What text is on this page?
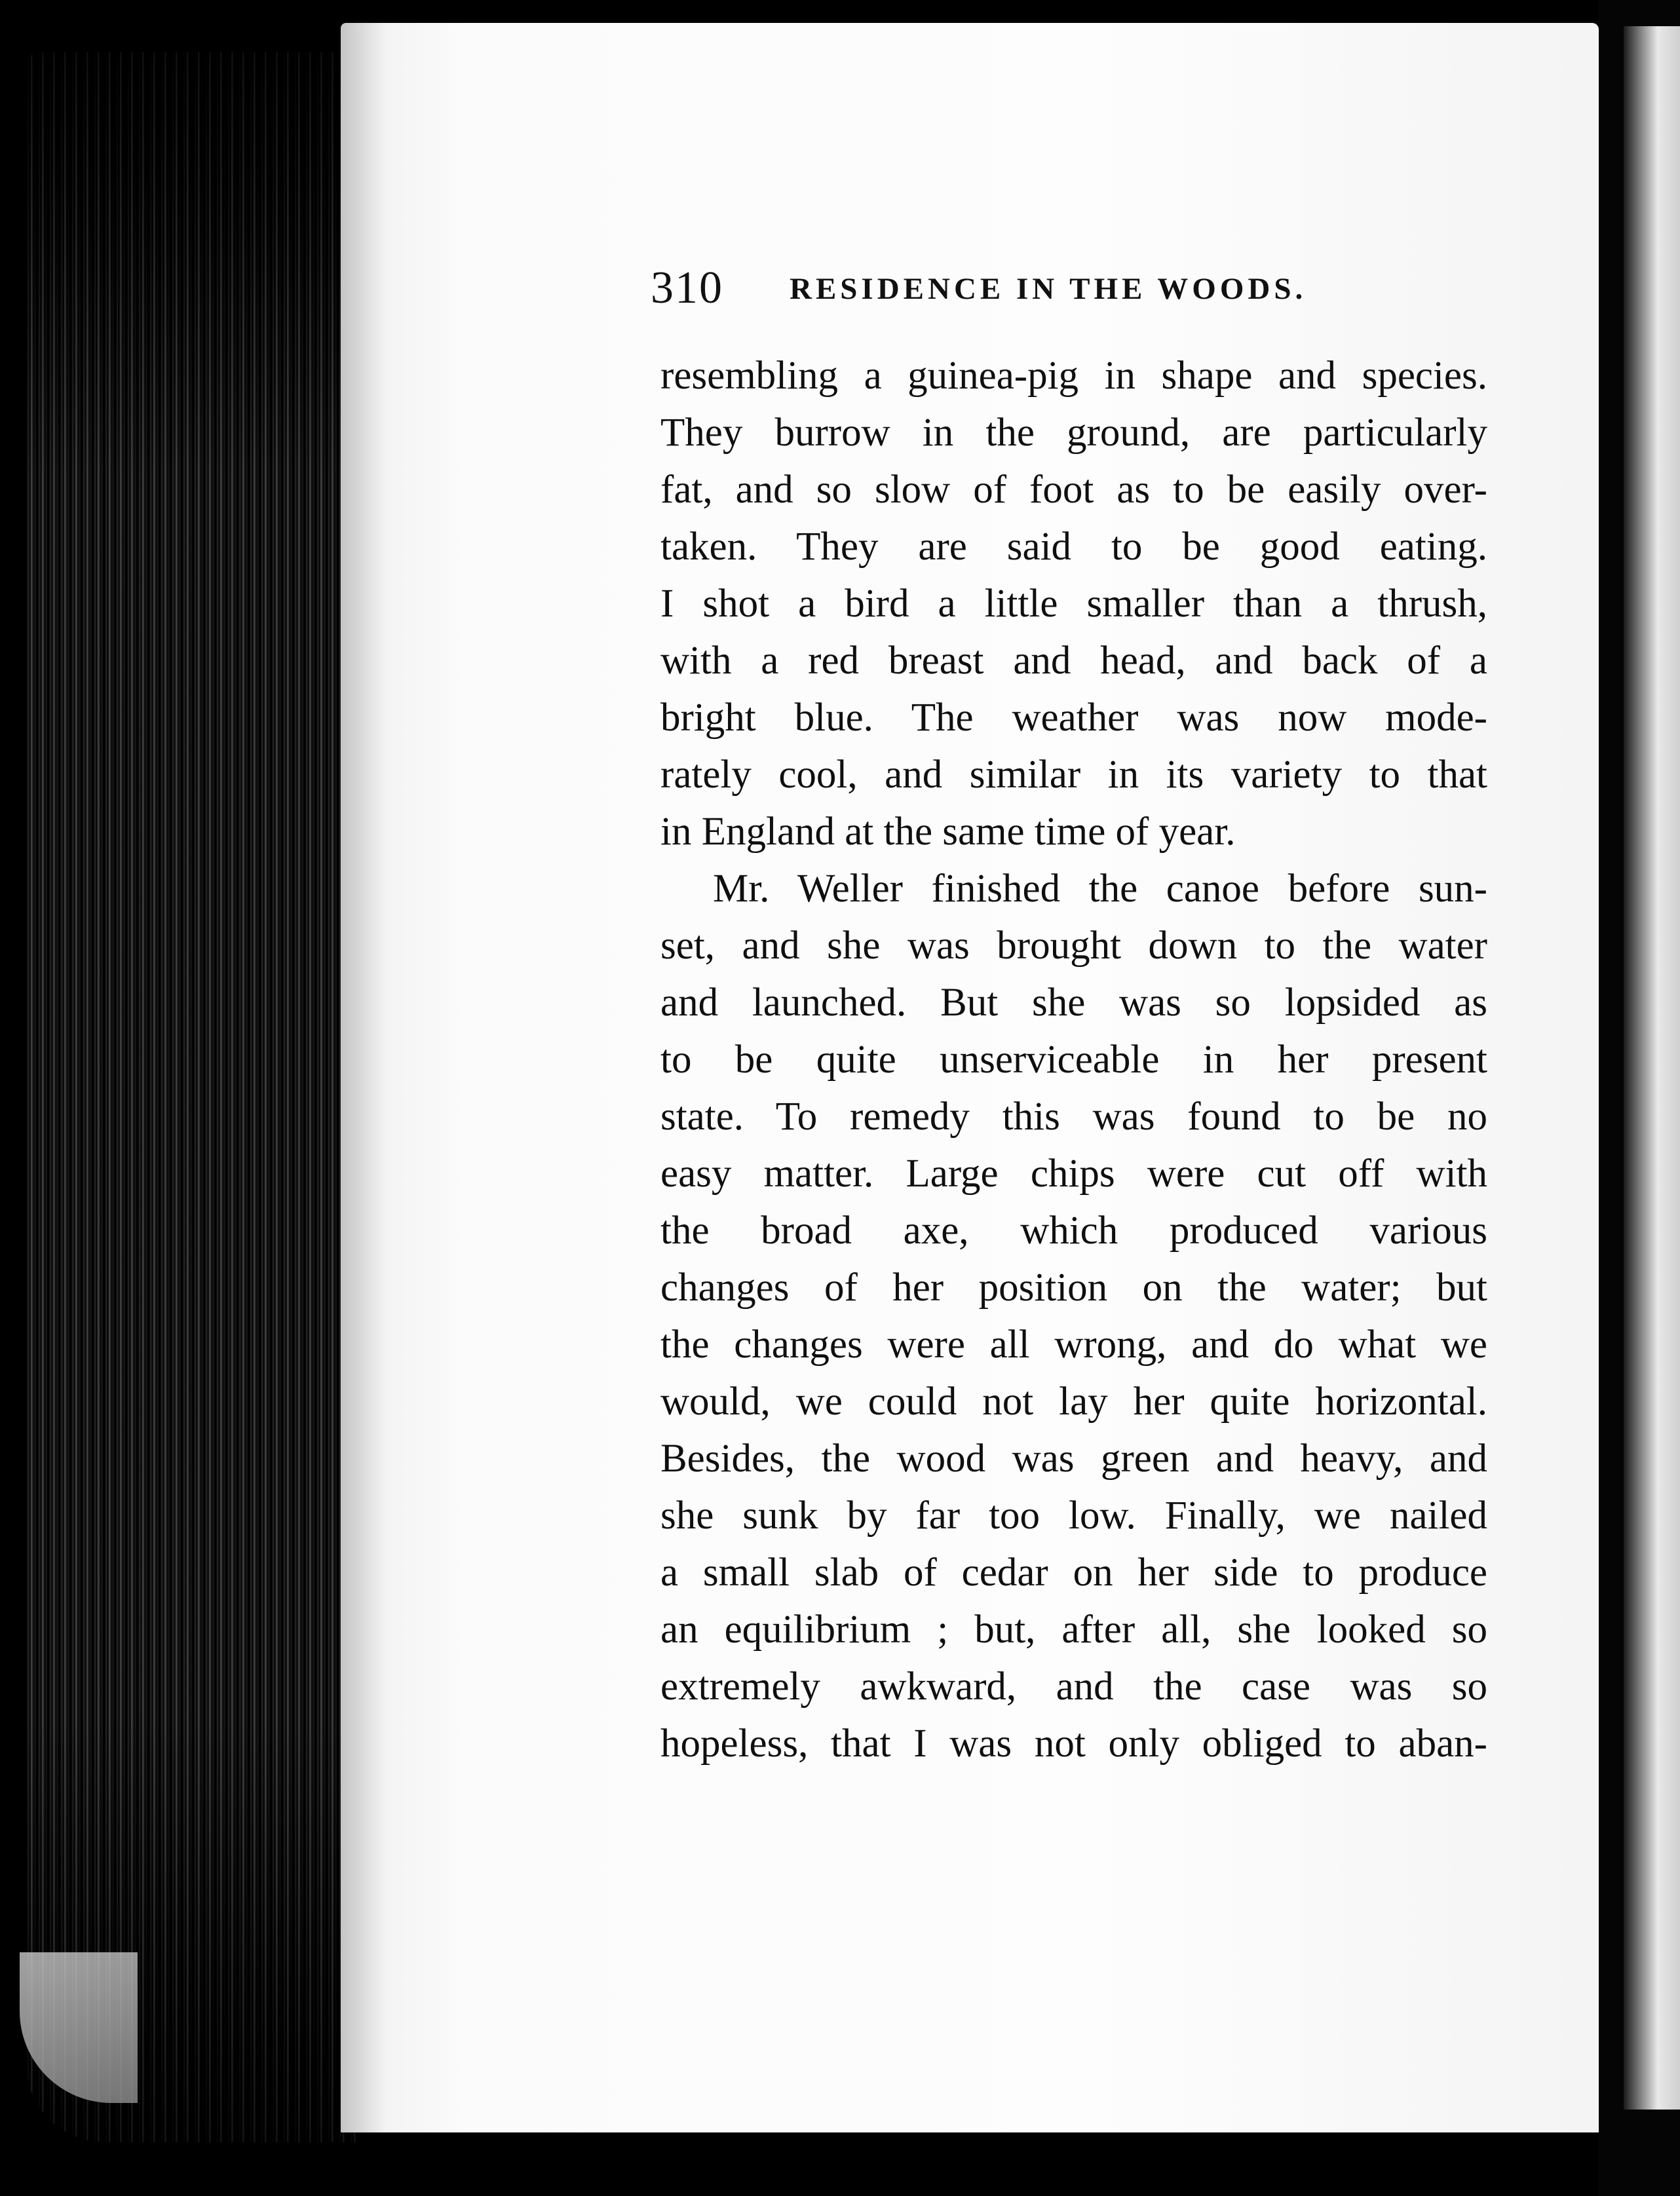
310 RESIDENCE IN THE WOODS.
resembling a guinea-pig in shape and species.
They burrow in the ground, are particularly
fat, and so slow of foot as to be easily over-
taken. They are said to be good eating.
I shot a bird a little smaller than a thrush,
with a red breast and head, and back of a
bright blue. The weather was now mode-
rately cool, and similar in its variety to that
in England at the same time of year.
Mr. Weller finished the canoe before sun-
set, and she was brought down to the water
and launched. But she was so lopsided as
to be quite unserviceable in her present
state. To remedy this was found to be no
easy matter. Large chips were cut off with
the broad axe, which produced various
changes of her position on the water; but
the changes were all wrong, and do what we
would, we could not lay her quite horizontal.
Besides, the wood was green and heavy, and
she sunk by far too low. Finally, we nailed
a small slab of cedar on her side to produce
an equilibrium ; but, after all, she looked so
extremely awkward, and the case was so
hopeless, that I was not only obliged to aban-
